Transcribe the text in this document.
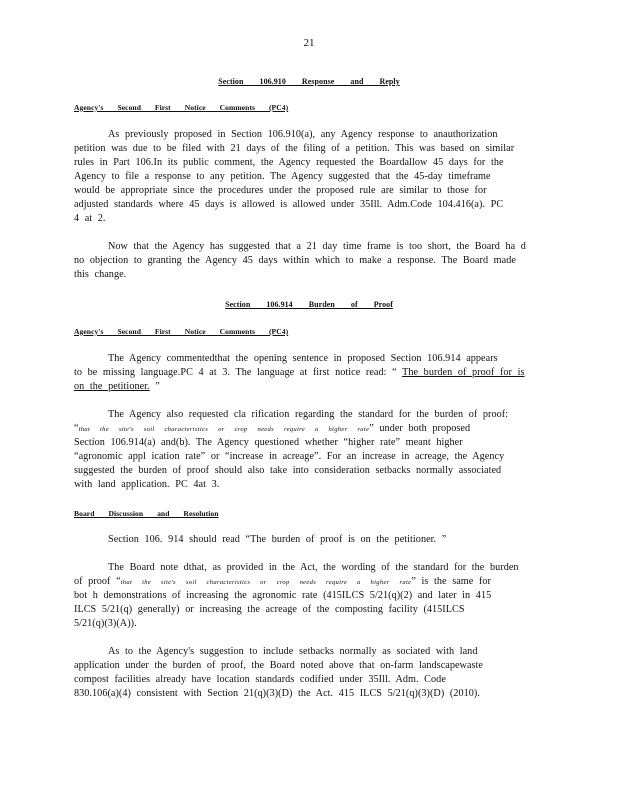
21
Section 106.910 Response and Reply
Agency's Second First Notice Comments (PC4)
As previously proposed in Section 106.910(a), any Agency response to anauthorization
petition was due to be filed with 21 days of the filing of a petition. This was based on similar
rules in Part 106.In its public comment, the Agency requested the Boardallow 45 days for the
Agency to file a response to any petition. The Agency suggested that the 45-day timeframe
would be appropriate since the procedures under the proposed rule are similar to those for
adjusted standards where 45 days is allowed is allowed under 35Ill. Adm.Code 104.416(a). PC
4 at 2.
Now that the Agency has suggested that a 21 day time frame is too short, the Board ha d
no objection to granting the Agency 45 days within which to make a response. The Board made
this change.
Section 106.914 Burden of Proof
Agency's Second First Notice Comments (PC4)
The Agency commentedthat the opening sentence in proposed Section 106.914 appears
to be missing language.PC 4 at 3. The language at first notice read: “ The burden of proof for is
on the petitioner. ”
The Agency also requested cla rification regarding the standard for the burden of proof:
“that the site's soil characteristics or crop needs require a higher rate” under both proposed
Section 106.914(a) and(b). The Agency questioned whether “higher rate” meant higher
“agronomic appl ication rate” or “increase in acreage”. For an increase in acreage, the Agency
suggested the burden of proof should also take into consideration setbacks normally associated
with land application. PC 4at 3.
Board Discussion and Resolution
Section 106. 914 should read “The burden of proof is on the petitioner. ”
The Board note dthat, as provided in the Act, the wording of the standard for the burden
of proof “that the site's soil characteristics or crop needs require a higher rate” is the same for
bot h demonstrations of increasing the agronomic rate (415ILCS 5/21(q)(2) and later in 415
ILCS 5/21(q) generally) or increasing the acreage of the composting facility (415ILCS
5/21(q)(3)(A)).
As to the Agency's suggestion to include setbacks normally as sociated with land
application under the burden of proof, the Board noted above that on-farm landscapewaste
compost facilities already have location standards codified under 35Ill. Adm. Code
830.106(a)(4) consistent with Section 21(q)(3)(D) the Act. 415 ILCS 5/21(q)(3)(D) (2010).
